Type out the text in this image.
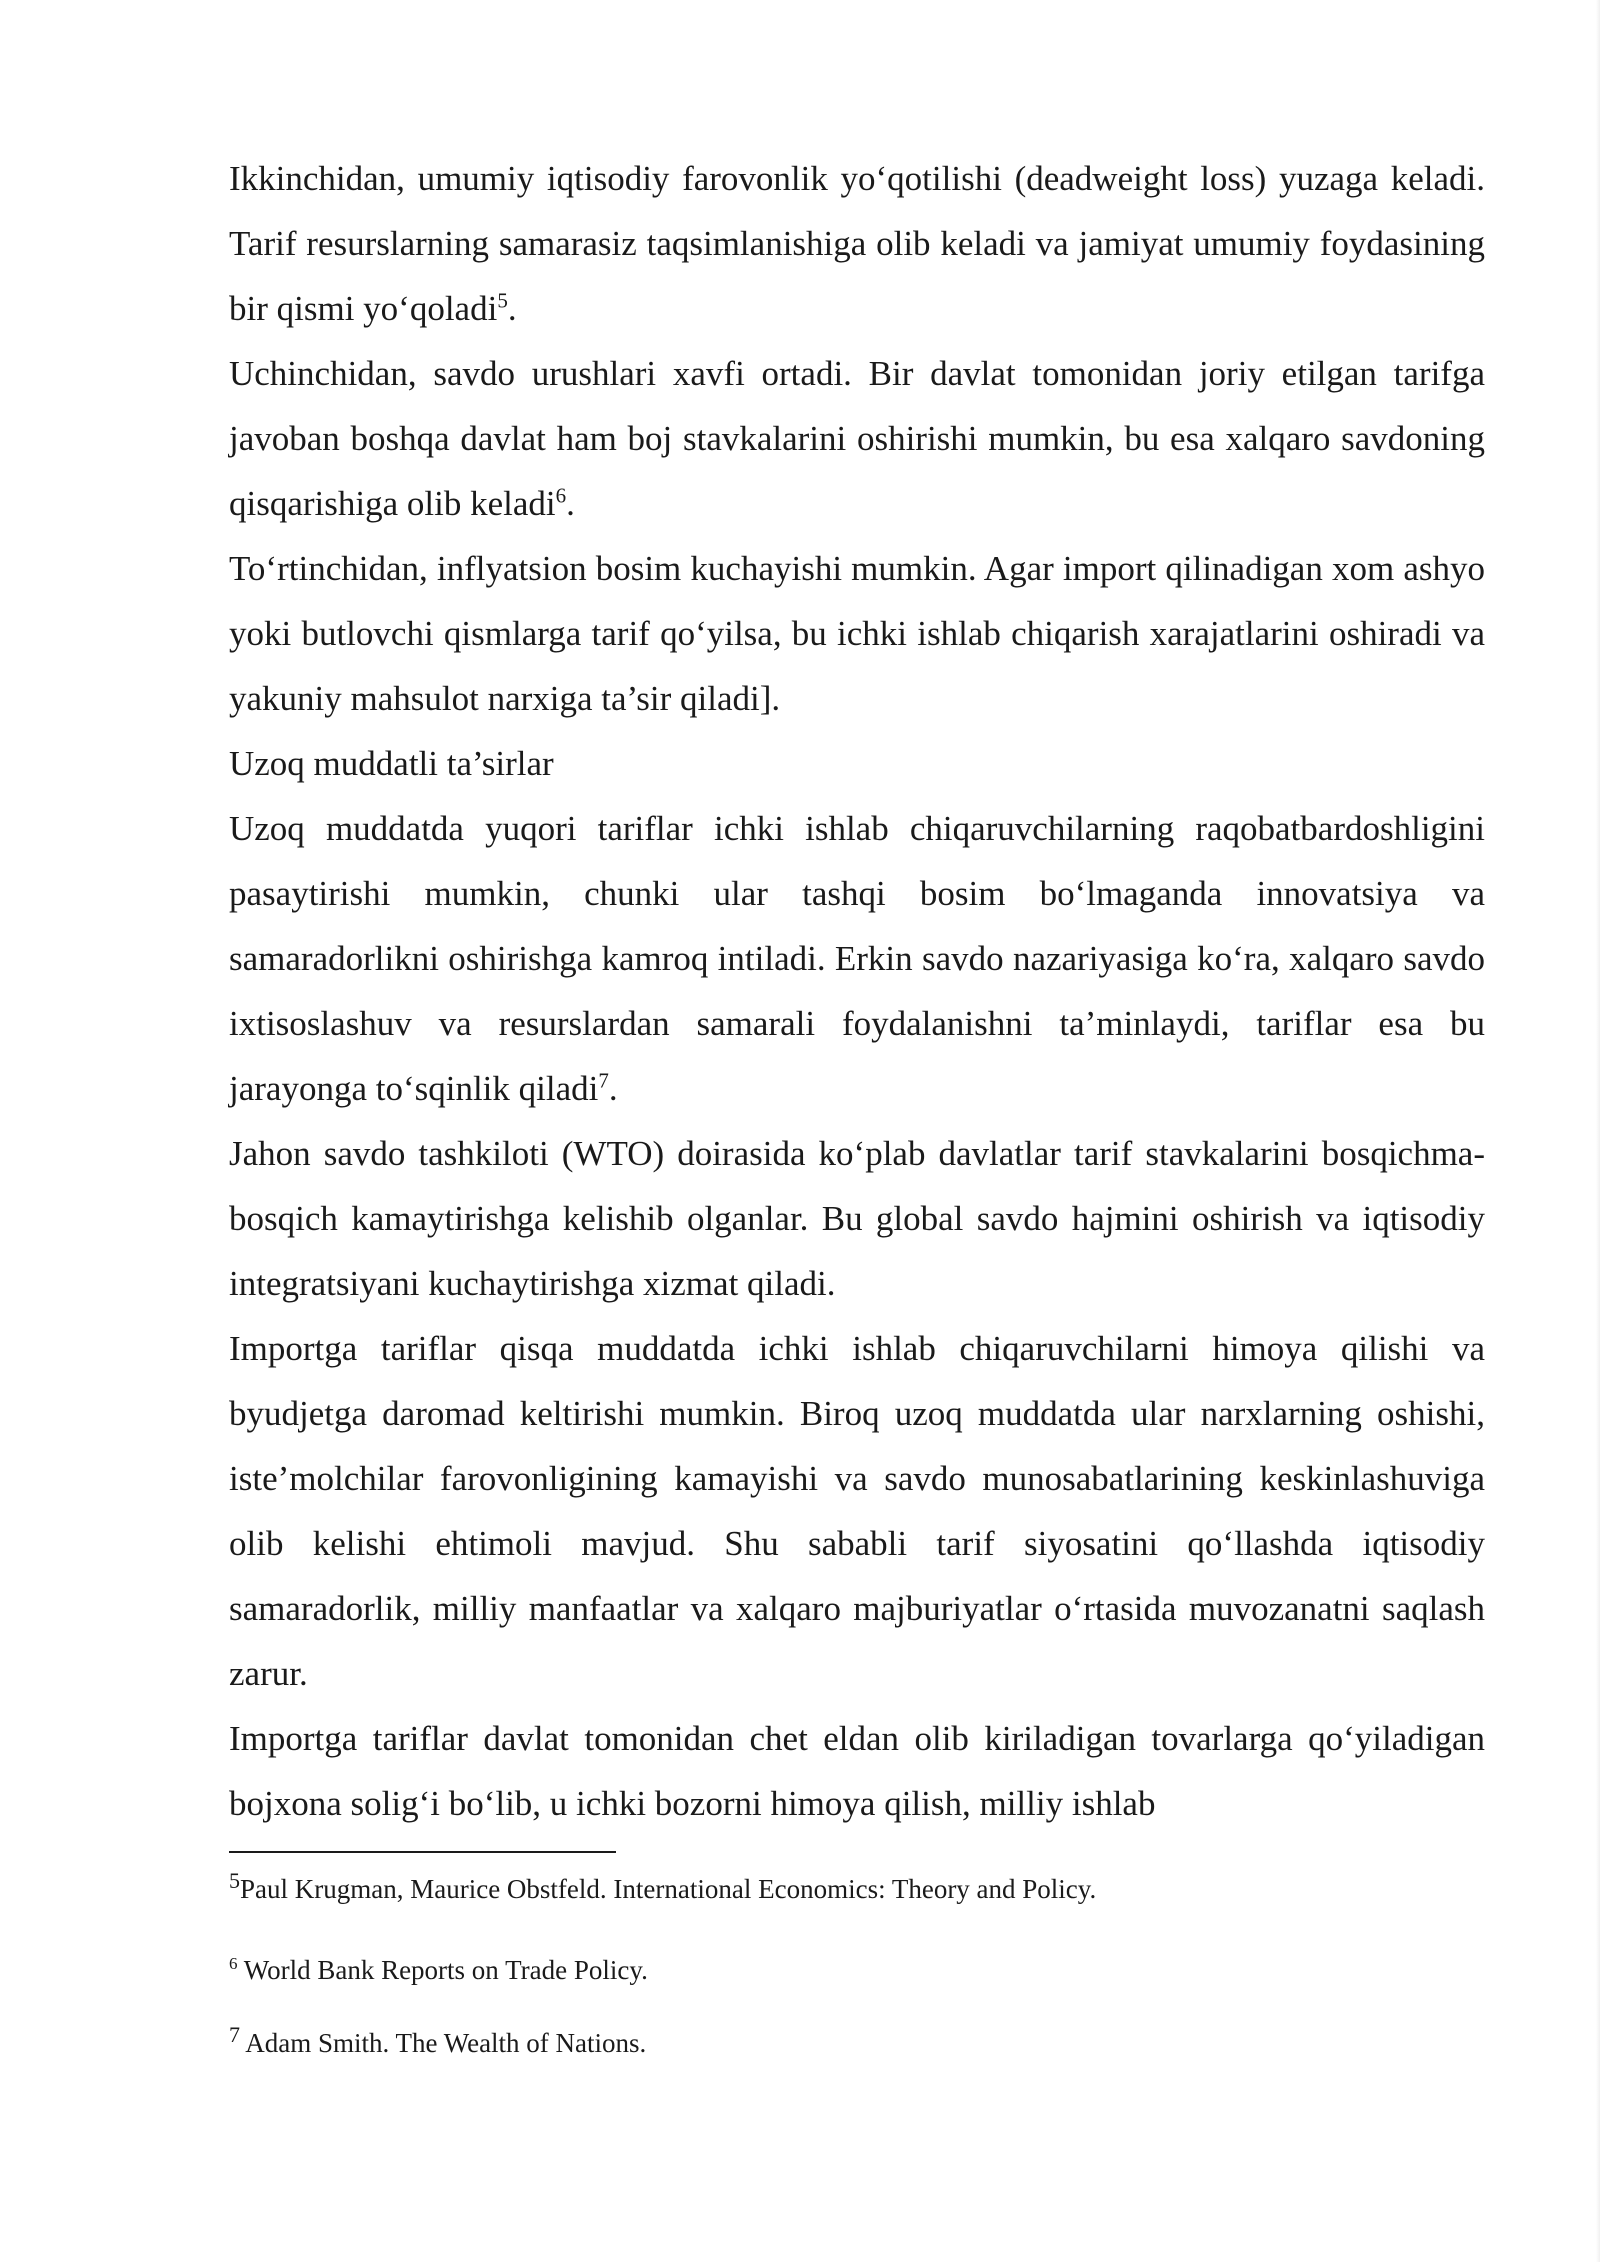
Ikkinchidan, umumiy iqtisodiy farovonlik yo‘qotilishi (deadweight loss) yuzaga keladi. Tarif resurslarning samarasiz taqsimlanishiga olib keladi va jamiyat umumiy foydasining bir qismi yo‘qoladi$^5$.

Uchinchidan, savdo urushlari xavfi ortadi. Bir davlat tomonidan joriy etilgan tarifga javoban boshqa davlat ham boj stavkalarini oshirishi mumkin, bu esa xalqaro savdoning qisqarishiga olib keladi$^6$.

To‘rtinchidan, inflyatsion bosim kuchayishi mumkin. Agar import qilinadigan xom ashyo yoki butlovchi qismlarga tarif qo‘yilsa, bu ichki ishlab chiqarish xarajatlarini oshiradi va yakuniy mahsulot narxiga ta’sir qiladi].

Uzoq muddatli ta’sirlar

Uzoq muddatda yuqori tariflar ichki ishlab chiqaruvchilarning raqobatbardoshligini pasaytirishi mumkin, chunki ular tashqi bosim bo‘lmaganda innovatsiya va samaradorlikni oshirishga kamroq intiladi. Erkin savdo nazariyasiga ko‘ra, xalqaro savdo ixtisoslashuv va resurslardan samarali foydalanishni ta’minlaydi, tariflar esa bu jarayonga to‘sqinlik qiladi$^7$.

Jahon savdo tashkiloti (WTO) doirasida ko‘plab davlatlar tarif stavkalarini bosqichma-bosqich kamaytirishga kelishib olganlar. Bu global savdo hajmini oshirish va iqtisodiy integratsiyani kuchaytirishga xizmat qiladi.

Importga tariflar qisqa muddatda ichki ishlab chiqaruvchilarni himoya qilishi va byudjetga daromad keltirishi mumkin. Biroq uzoq muddatda ular narxlarning oshishi, iste’molchilar farovonligining kamayishi va savdo munosabatlarining keskinlashuviga olib kelishi ehtimoli mavjud. Shu sababli tarif siyosatini qo‘llashda iqtisodiy samaradorlik, milliy manfaatlar va xalqaro majburiyatlar o‘rtasida muvozanatni saqlash zarur.

Importga tariflar davlat tomonidan chet eldan olib kiriladigan tovarlarga qo‘yiladigan bojxona solig‘i bo‘lib, u ichki bozorni himoya qilish, milliy ishlab

$^5$Paul Krugman, Maurice Obstfeld. International Economics: Theory and Policy.
$^6$ World Bank Reports on Trade Policy.
$^7$ Adam Smith. The Wealth of Nations.
